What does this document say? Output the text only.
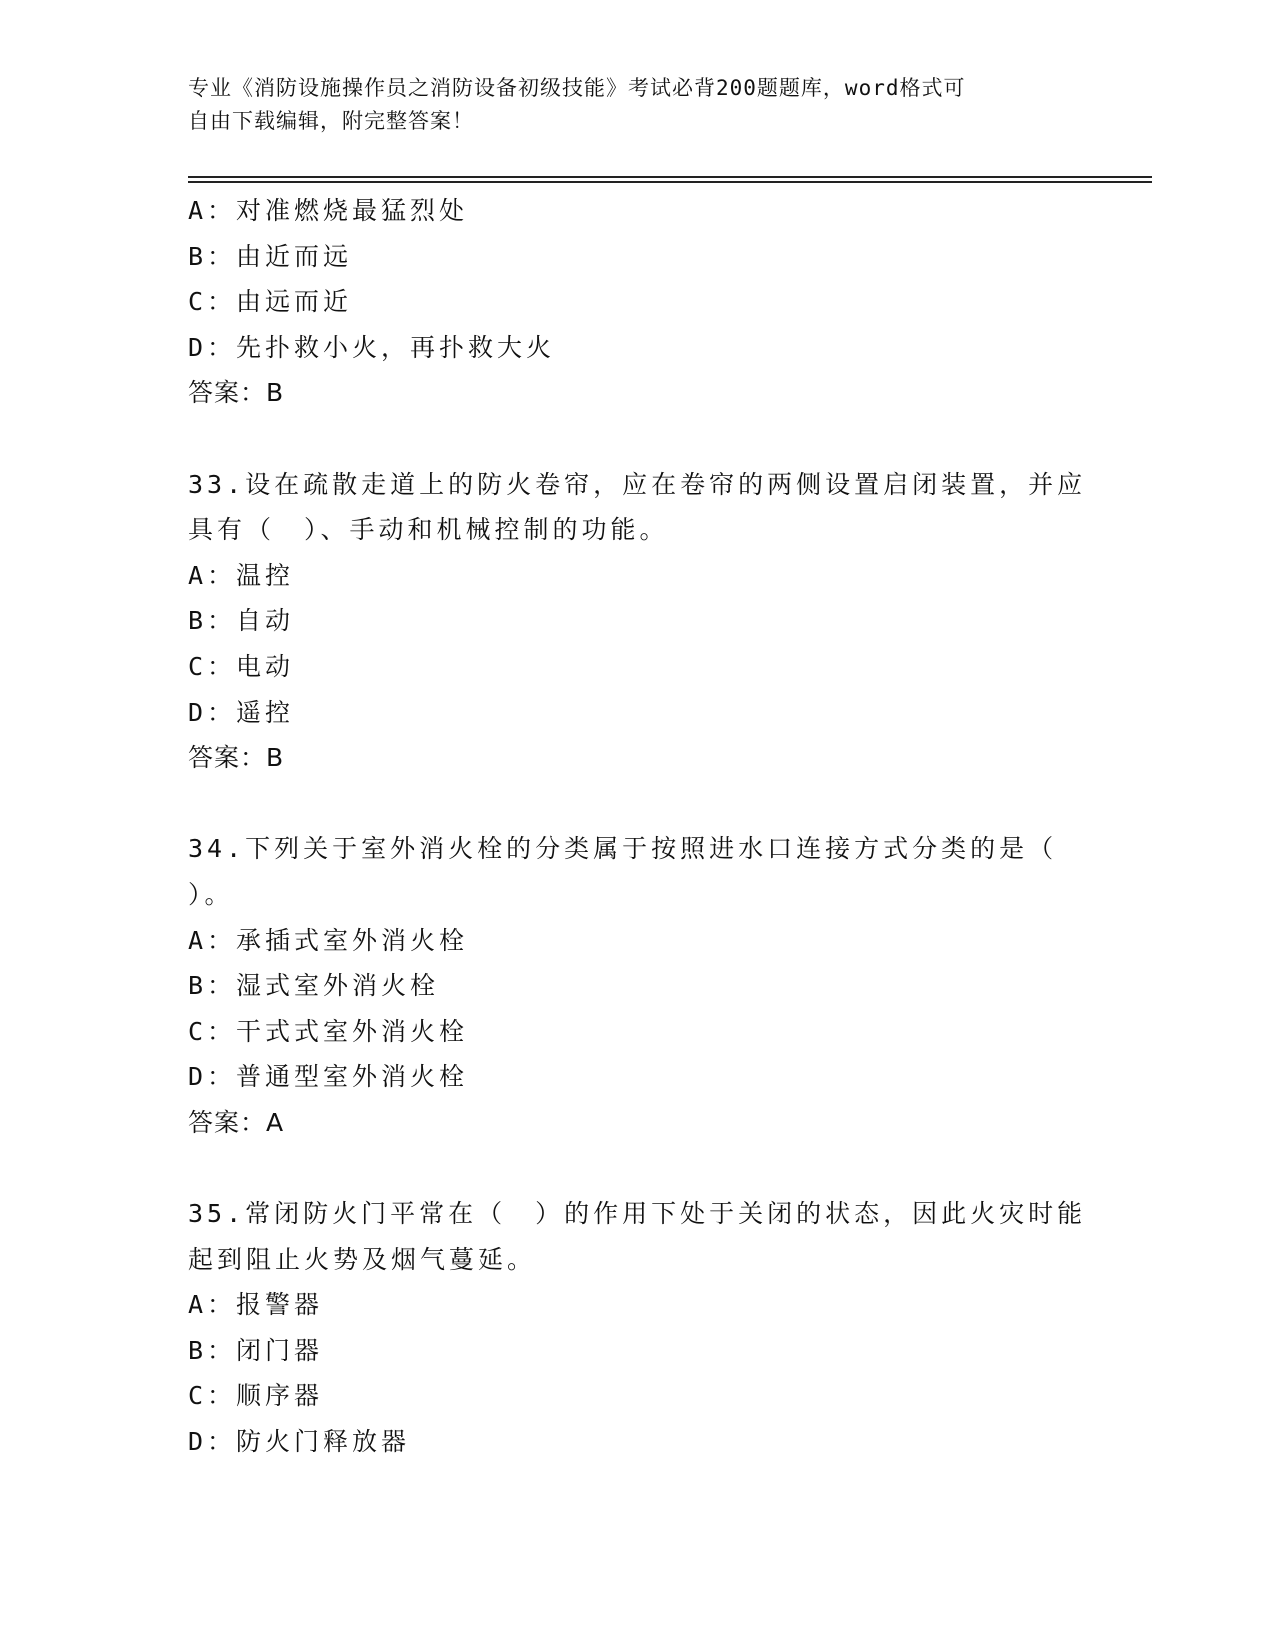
专业《消防设施操作员之消防设备初级技能》考试必背200题题库，word格式可
自由下载编辑，附完整答案！
A：对准燃烧最猛烈处
B：由近而远
C：由远而近
D：先扑救小火，再扑救大火
答案：B
33.设在疏散走道上的防火卷帘，应在卷帘的两侧设置启闭装置，并应
具有（　）、手动和机械控制的功能。
A：温控
B：自动
C：电动
D：遥控
答案：B
34.下列关于室外消火栓的分类属于按照进水口连接方式分类的是（
）。
A：承插式室外消火栓
B：湿式室外消火栓
C：干式式室外消火栓
D：普通型室外消火栓
答案：A
35.常闭防火门平常在（　）的作用下处于关闭的状态，因此火灾时能
起到阻止火势及烟气蔓延。
A：报警器
B：闭门器
C：顺序器
D：防火门释放器
